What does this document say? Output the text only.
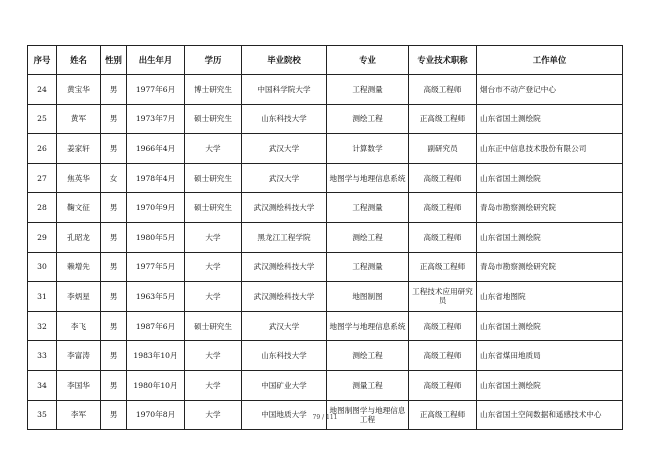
序号	姓名	性别	出生年月	学历	毕业院校	专业	专业技术职称	工作单位
24	黄宝华	男	1977年6月	博士研究生	中国科学院大学	工程测量	高级工程师	烟台市不动产登记中心
25	黄军	男	1973年7月	硕士研究生	山东科技大学	测绘工程	正高级工程师	山东省国土测绘院
26	姜家轩	男	1966年4月	大学	武汉大学	计算数学	副研究员	山东正中信息技术股份有限公司
27	焦英华	女	1978年4月	硕士研究生	武汉大学	地图学与地理信息系统	高级工程师	山东省国土测绘院
28	鞠文征	男	1970年9月	硕士研究生	武汉测绘科技大学	工程测量	高级工程师	青岛市勘察测绘研究院
29	孔昭龙	男	1980年5月	大学	黑龙江工程学院	测绘工程	高级工程师	山东省国土测绘院
30	赖增先	男	1977年5月	大学	武汉测绘科技大学	工程测量	正高级工程师	青岛市勘察测绘研究院
31	李炳星	男	1963年5月	大学	武汉测绘科技大学	地图制图	工程技术应用研究员	山东省地图院
32	李飞	男	1987年6月	硕士研究生	武汉大学	地图学与地理信息系统	高级工程师	山东省国土测绘院
33	李富涛	男	1983年10月	大学	山东科技大学	测绘工程	高级工程师	山东省煤田地质局
34	李国华	男	1980年10月	大学	中国矿业大学	测量工程	高级工程师	山东省国土测绘院
35	李军	男	1970年8月	大学	中国地质大学	地图制图学与地理信息工程	正高级工程师	山东省国土空间数据和遥感技术中心
79 / 111
